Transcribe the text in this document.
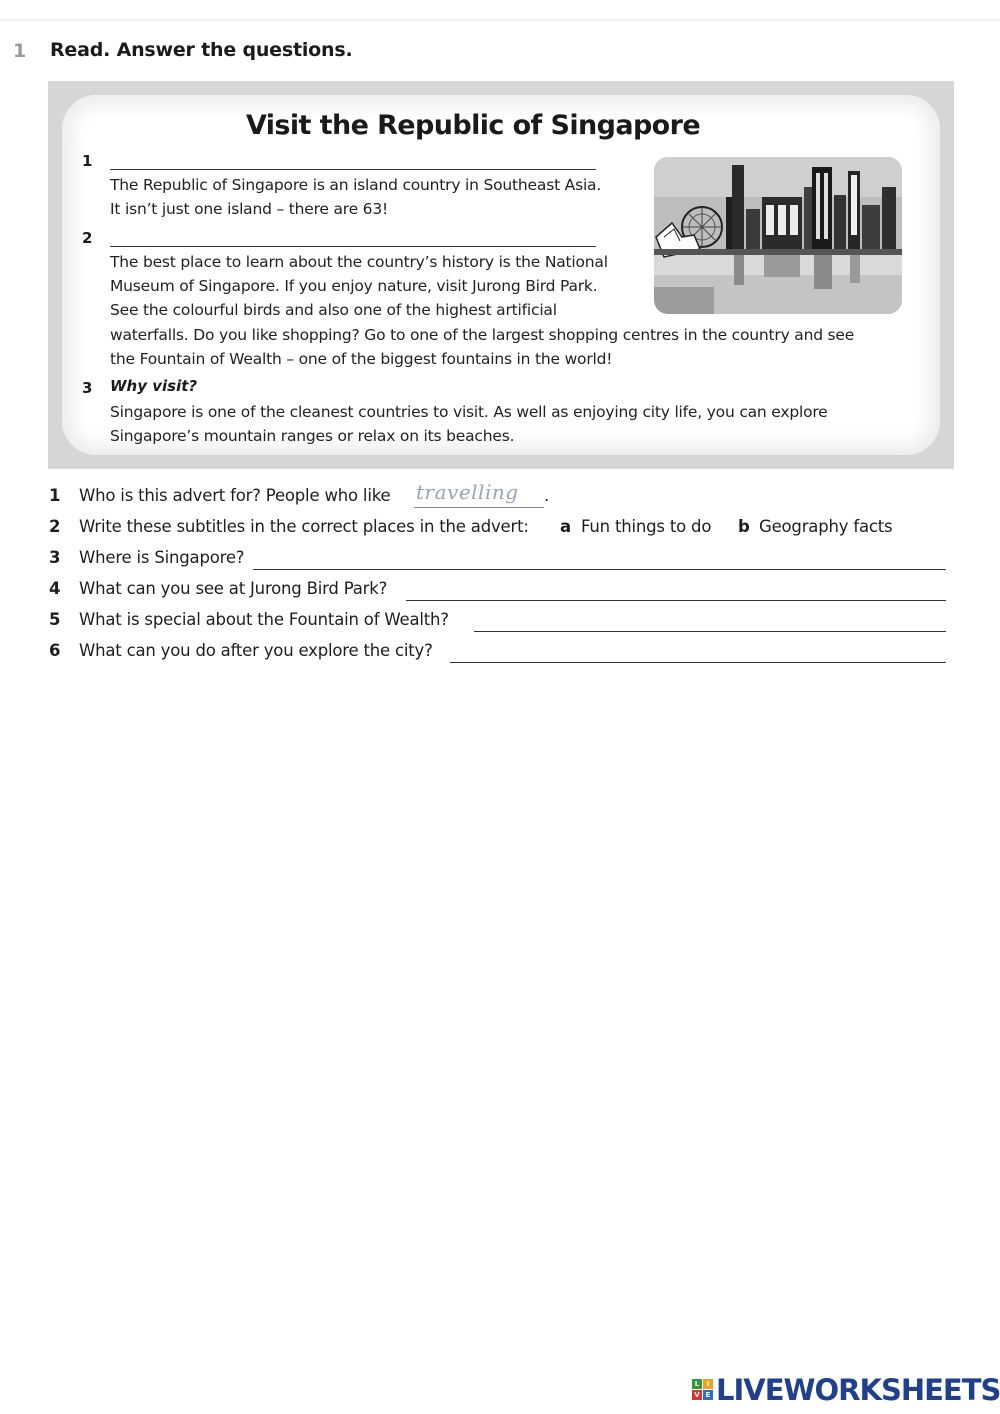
1 Read. Answer the questions.
Visit the Republic of Singapore
1
The Republic of Singapore is an island country in Southeast Asia.
It isn’t just one island – there are 63!
2
The best place to learn about the country’s history is the National
Museum of Singapore. If you enjoy nature, visit Jurong Bird Park.
See the colourful birds and also one of the highest artificial
waterfalls. Do you like shopping? Go to one of the largest shopping centres in the country and see
the Fountain of Wealth – one of the biggest fountains in the world!
3 Why visit?
Singapore is one of the cleanest countries to visit. As well as enjoying city life, you can explore
Singapore’s mountain ranges or relax on its beaches.
1 Who is this advert for? People who like travelling .
2 Write these subtitles in the correct places in the advert: a Fun things to do b Geography facts
3 Where is Singapore?
4 What can you see at Jurong Bird Park?
5 What is special about the Fountain of Wealth?
6 What can you do after you explore the city?
L	I
V E LIVEWORKSHEETS
